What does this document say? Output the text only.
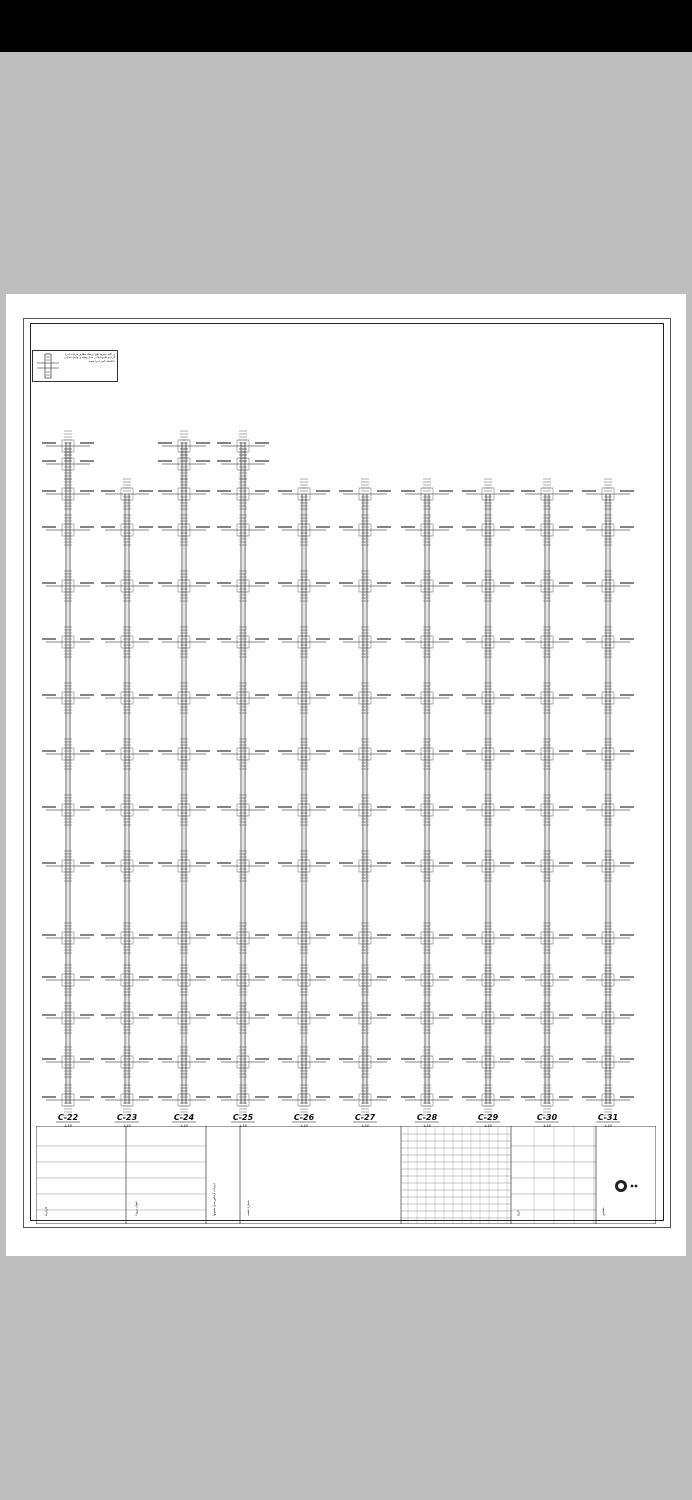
در کلیه ستونها طول وصله مطابق جزئیات اجرا گردد و خاموت‌ها در محل وصله و نواحی بحرانی با فاصله کمتر اجرا شوند.
C-22
1:50
C-23
1:50
C-24
1:50
C-25
1:50
C-26
1:50
C-27
1:50
C-28
1:50
C-29
1:50
C-30
1:50
C-31
1:50
کارفرما	عنوان پروژه	جزئیات آرماتوربندی ستونها	شماره نقشه	تاریخ	مقیاس
